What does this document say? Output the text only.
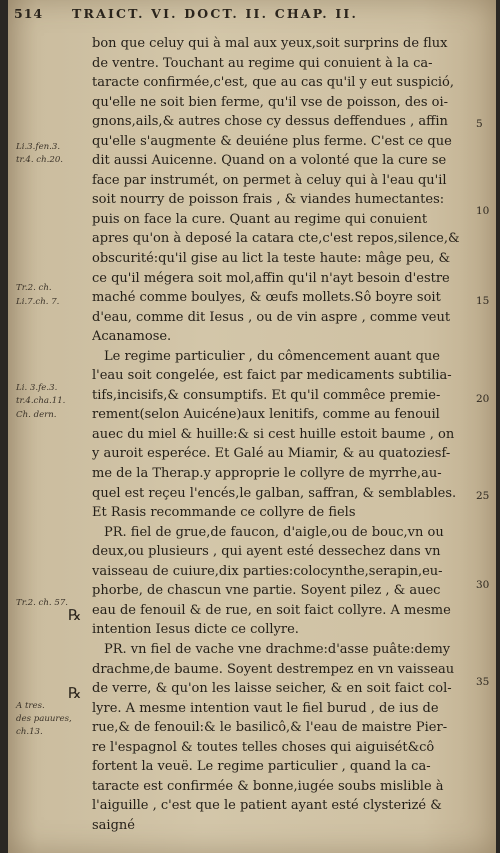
514 TRAICT. VI. DOCT. II. CHAP. II.
bon que celuy qui à mal aux yeux,soit surprins de flux
de ventre. Touchant au regime qui conuient à la ca-
taracte confirmée,c'est, que au cas qu'il y eut suspició,
qu'elle ne soit bien ferme, qu'il vse de poisson, des oi-
gnons,ails,& autres chose cy dessus deffendues , affin
qu'elle s'augmente & deuiéne plus ferme. C'est ce que
dit aussi Auicenne. Quand on a volonté que la cure se
face par instrumét, on permet à celuy qui à l'eau qu'il
soit nourry de poisson frais , & viandes humectantes:
puis on face la cure. Quant au regime qui conuient
apres qu'on à deposé la catara cte,c'est repos,silence,&
obscurité:qu'il gise au lict la teste haute: mâge peu, &
ce qu'il mégera soit mol,affin qu'il n'ayt besoin d'estre
maché comme boulyes, & œufs mollets.Sô boyre soit
d'eau, comme dit Iesus , ou de vin aspre , comme veut
Acanamose.
Le regime particulier , du cômencement auant que
l'eau soit congelée, est faict par medicaments subtilia-
tifs,incisifs,& consumptifs. Et qu'il commêce premie-
rement(selon Auicéne)aux lenitifs, comme au fenouil
auec du miel & huille:& si cest huille estoit baume , on
y auroit esperéce. Et Galé au Miamir, & au quatoziesf-
me de la Therap.y approprie le collyre de myrrhe,au-
quel est reçeu l'encés,le galban, saffran, & semblables.
Et Rasis recommande ce collyre de fiels
PR. fiel de grue,de faucon, d'aigle,ou de bouc,vn ou
deux,ou plusieurs , qui ayent esté dessechez dans vn
vaisseau de cuiure,dix parties:colocynthe,serapin,eu-
phorbe, de chascun vne partie. Soyent pilez , & auec
eau de fenouil & de rue, en soit faict collyre. A mesme
intention Iesus dicte ce collyre.
PR. vn fiel de vache vne drachme:d'asse puâte:demy
drachme,de baume. Soyent destrempez en vn vaisseau
de verre, & qu'on les laisse seicher, & en soit faict col-
lyre. A mesme intention vaut le fiel burud , de ius de
rue,& de fenouil:& le basilicô,& l'eau de maistre Pier-
re l'espagnol & toutes telles choses qui aiguisét&cô
fortent la veuë. Le regime particulier , quand la ca-
taracte est confirmée & bonne,iugée soubs mislible à
l'aiguille , c'est que le patient ayant esté clysterizé &
saigné
Li.3.fen.3.
tr.4. ch.20.
Tr.2. ch.
Li.7.ch. 7.
Li. 3.fe.3.
tr.4.cha.11.
Ch. dern.
Tr.2. ch. 57.
A tres.
des pauures,
ch.13.
℞
℞
5
10
15
20
25
30
35
